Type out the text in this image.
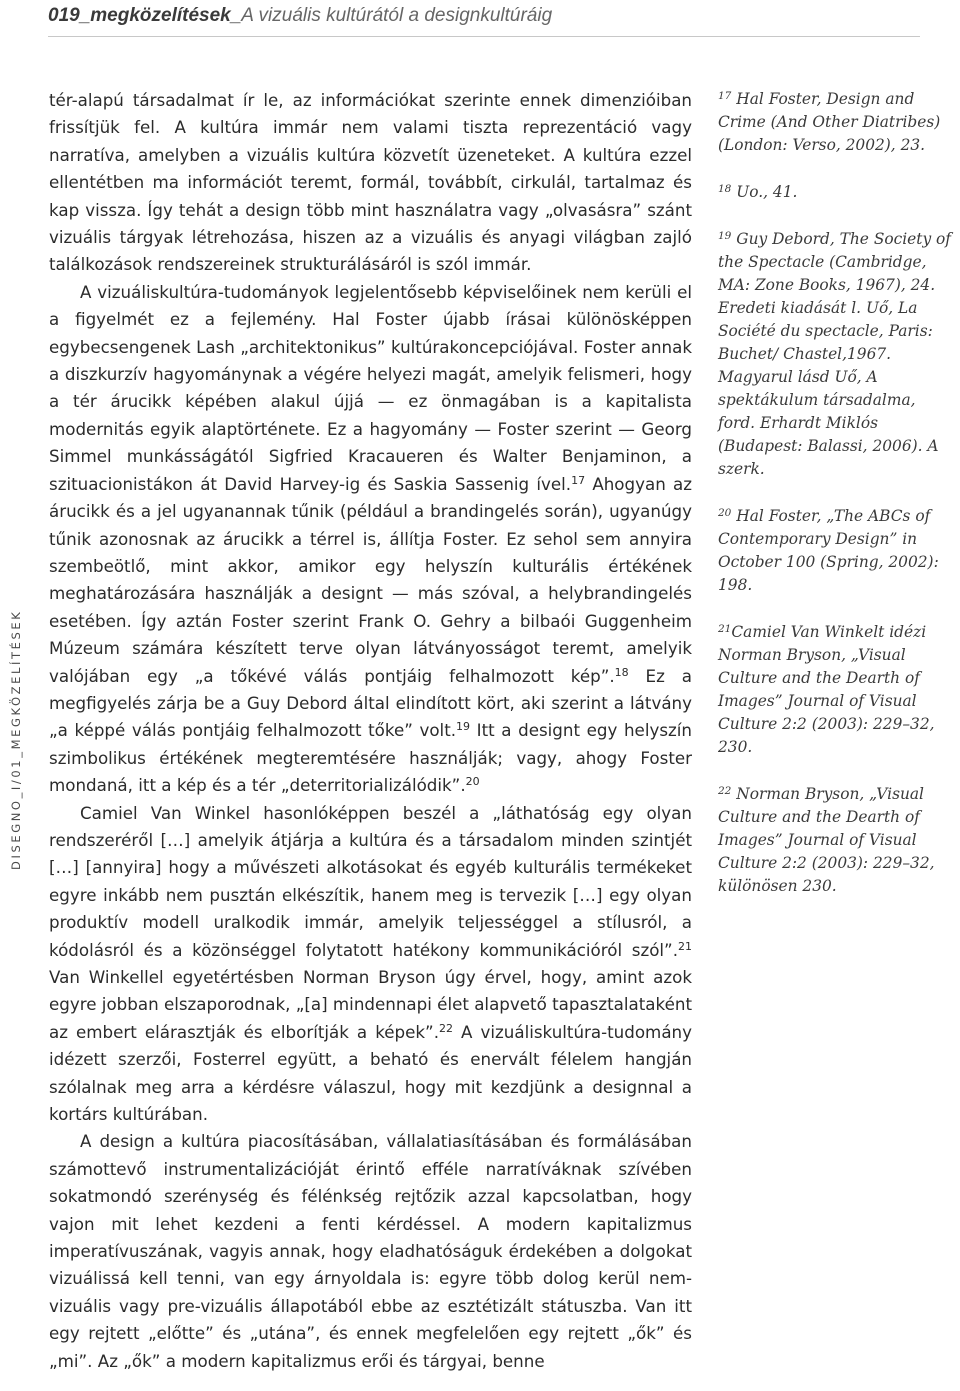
019_megközelítések_A vizuális kultúrától a designkultúráig
DISEGNO_I/01_MEGKÖZELÍTÉSEK

tér-alapú társadalmat ír le, az információkat szerinte ennek dimenzióiban frissítjük fel. A kultúra immár nem valami tiszta reprezentáció vagy narratíva, amelyben a vizuális kultúra közvetít üzeneteket. A kultúra ezzel ellentétben ma információt teremt, formál, továbbít, cirkulál, tartalmaz és kap vissza. Így tehát a design több mint használatra vagy „olvasásra” szánt vizuális tárgyak létrehozása, hiszen az a vizuális és anyagi világban zajló találkozások rendszereinek strukturálásáról is szól immár.

A vizuáliskultúra-tudományok legjelentősebb képviselőinek nem kerüli el a figyelmét ez a fejlemény. Hal Foster újabb írásai különösképpen egybecsengenek Lash „architektonikus” kultúrakoncepciójával. Foster annak a diszkurzív hagyománynak a végére helyezi magát, amelyik felismeri, hogy a tér árucikk képében alakul újjá — ez önmagában is a kapitalista modernitás egyik alaptörténete. Ez a hagyomány — Foster szerint — Georg Simmel munkásságától Sigfried Kracaueren és Walter Benjaminon, a szituacionistákon át David Harvey-ig és Saskia Sassenig ível.$^{17}$ Ahogyan az árucikk és a jel ugyanannak tűnik (például a brandingelés során), ugyanúgy tűnik azonosnak az árucikk a térrel is, állítja Foster. Ez sehol sem annyira szembeötlő, mint akkor, amikor egy helyszín kulturális értékének meghatározására használják a designt — más szóval, a helybrandingelés esetében. Így aztán Foster szerint Frank O. Gehry a bilbaói Guggenheim Múzeum számára készített terve olyan látványosságot teremt, amelyik valójában egy „a tőkévé válás pontjáig felhalmozott kép”.$^{18}$ Ez a megfigyelés zárja be a Guy Debord által elindított kört, aki szerint a látvány „a képpé válás pontjáig felhalmozott tőke” volt.$^{19}$ Itt a designt egy helyszín szimbolikus értékének megteremtésére használják; vagy, ahogy Foster mondaná, itt a kép és a tér „deterritorializálódik”.$^{20}$

Camiel Van Winkel hasonlóképpen beszél a „láthatóság egy olyan rendszeréről […] amelyik átjárja a kultúra és a társadalom minden szintjét […] [annyira] hogy a művészeti alkotásokat és egyéb kulturális termékeket egyre inkább nem pusztán elkészítik, hanem meg is tervezik […] egy olyan produktív modell uralkodik immár, amelyik teljességgel a stílusról, a kódolásról és a közönséggel folytatott hatékony kommunikációról szól”.$^{21}$ Van Winkellel egyetértésben Norman Bryson úgy érvel, hogy, amint azok egyre jobban elszaporodnak, „[a] mindennapi élet alapvető tapasztalataként az embert elárasztják és elborítják a képek”.$^{22}$ A vizuáliskultúra-tudomány idézett szerzői, Fosterrel együtt, a beható és enervált félelem hangján szólalnak meg arra a kérdésre válaszul, hogy mit kezdjünk a designnal a kortárs kultúrában.

A design a kultúra piacosításában, vállalatiasításában és formálásában számottevő instrumentalizációját érintő efféle narratíváknak szívében sokatmondó szerénység és félénkség rejtőzik azzal kapcsolatban, hogy vajon mit lehet kezdeni a fenti kérdéssel. A modern kapitalizmus imperatívuszának, vagyis annak, hogy eladhatóságuk érdekében a dolgokat vizuálissá kell tenni, van egy árnyoldala is: egyre több dolog kerül nem-vizuális vagy pre-vizuális állapotából ebbe az esztétizált státuszba. Van itt egy rejtett „előtte” és „utána”, és ennek megfelelően egy rejtett „ők” és „mi”. Az „ők” a modern kapitalizmus erői és tárgyai, benne

$^{17}$ Hal Foster, Design and Crime (And Other Diatribes) (London: Verso, 2002), 23.

$^{18}$ Uo., 41.

$^{19}$ Guy Debord, The Society of the Spectacle (Cambridge, MA: Zone Books, 1967), 24. Eredeti kiadását l. Uő, La Société du spectacle, Paris: Buchet/ Chastel,1967. Magyarul lásd Uő, A spektákulum társadalma, ford. Erhardt Miklós (Budapest: Balassi, 2006). A szerk.

$^{20}$ Hal Foster, „The ABCs of Contemporary Design” in October 100 (Spring, 2002): 198.

$^{21}$Camiel Van Winkelt idézi Norman Bryson, „Visual Culture and the Dearth of Images” Journal of Visual Culture 2:2 (2003): 229–32, 230.

$^{22}$ Norman Bryson, „Visual Culture and the Dearth of Images” Journal of Visual Culture 2:2 (2003): 229–32, különösen 230.
